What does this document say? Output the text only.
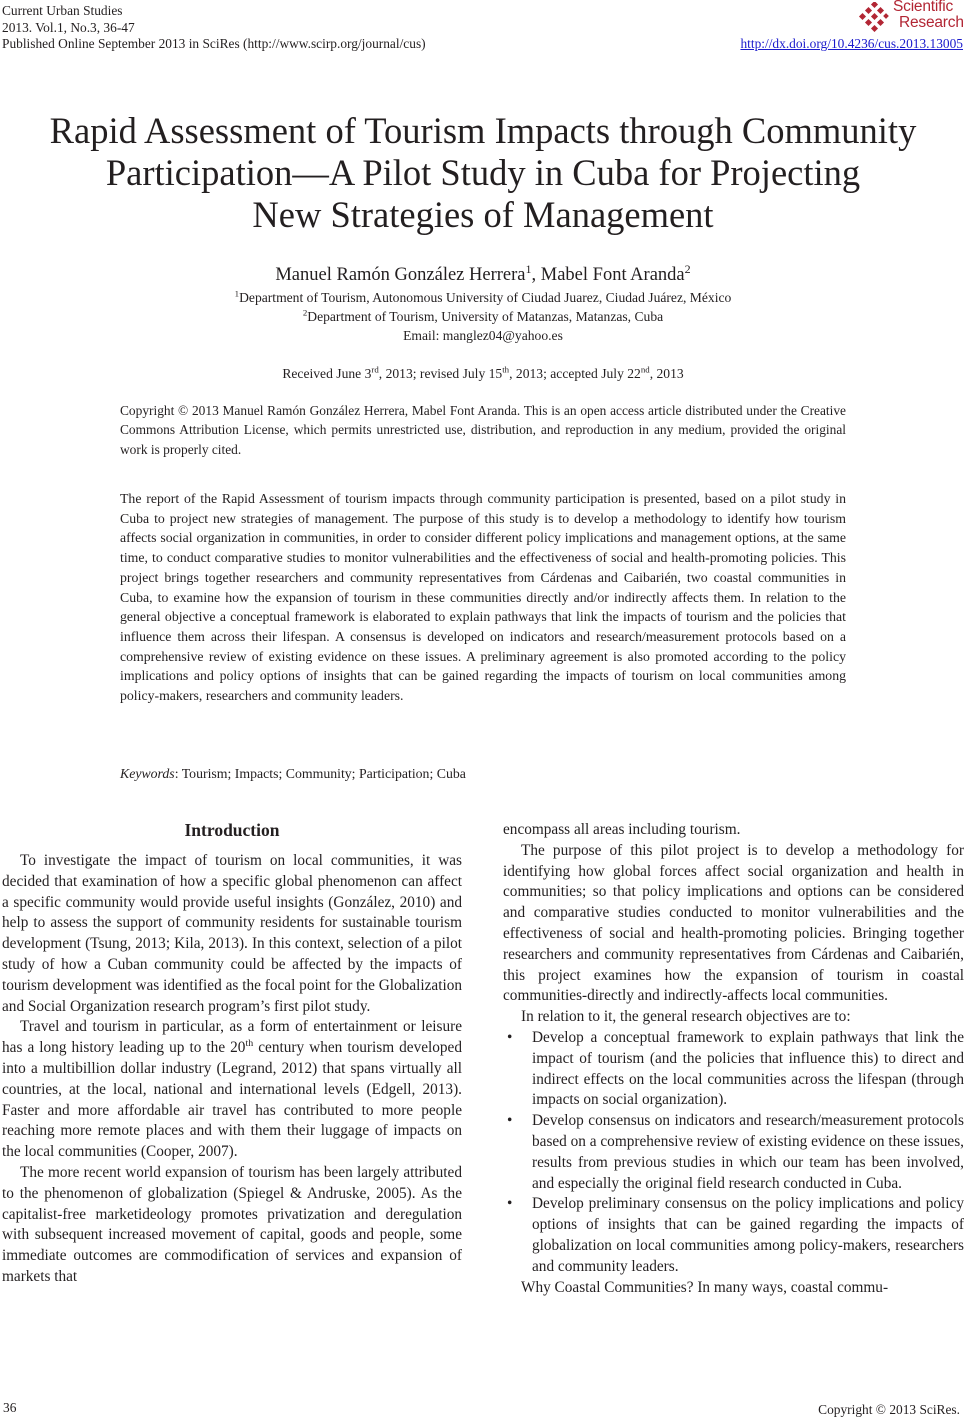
Current Urban Studies
2013. Vol.1, No.3, 36-47
Published Online September 2013 in SciRes (http://www.scirp.org/journal/cus)	http://dx.doi.org/10.4236/cus.2013.13005
Scientific
Research
Rapid Assessment of Tourism Impacts through Community
Participation—A Pilot Study in Cuba for Projecting
New Strategies of Management
Manuel Ramón González Herrera$^1$, Mabel Font Aranda$^2$
$^1$Department of Tourism, Autonomous University of Ciudad Juarez, Ciudad Juárez, México
$^2$Department of Tourism, University of Matanzas, Matanzas, Cuba
Email: manglez04@yahoo.es
Received June 3rd, 2013; revised July 15th, 2013; accepted July 22nd, 2013
Copyright © 2013 Manuel Ramón González Herrera, Mabel Font Aranda. This is an open access article distributed under the Creative Commons Attribution License, which permits unrestricted use, distribution, and reproduction in any medium, provided the original work is properly cited.
The report of the Rapid Assessment of tourism impacts through community participation is presented, based on a pilot study in Cuba to project new strategies of management. The purpose of this study is to develop a methodology to identify how tourism affects social organization in communities, in order to consider different policy implications and management options, at the same time, to conduct comparative studies to monitor vulnerabilities and the effectiveness of social and health-promoting policies. This project brings together researchers and community representatives from Cárdenas and Caibarién, two coastal communities in Cuba, to examine how the expansion of tourism in these communities directly and/or indirectly affects them. In relation to the general objective a conceptual framework is elaborated to explain pathways that link the impacts of tourism and the policies that influence them across their lifespan. A consensus is developed on indicators and research/measurement protocols based on a comprehensive review of existing evidence on these issues. A preliminary agreement is also promoted according to the policy implications and policy options of insights that can be gained regarding the impacts of tourism on local communities among policy-makers, researchers and community leaders.
Keywords: Tourism; Impacts; Community; Participation; Cuba
Introduction

To investigate the impact of tourism on local communities, it was decided that examination of how a specific global phenomenon can affect a specific community would provide useful insights (González, 2010) and help to assess the support of community residents for sustainable tourism development (Tsung, 2013; Kila, 2013). In this context, selection of a pilot study of how a Cuban community could be affected by the impacts of tourism development was identified as the focal point for the Globalization and Social Organization research program’s first pilot study.

Travel and tourism in particular, as a form of entertainment or leisure has a long history leading up to the 20th century when tourism developed into a multibillion dollar industry (Legrand, 2012) that spans virtually all countries, at the local, national and international levels (Edgell, 2013). Faster and more affordable air travel has contributed to more people reaching more remote places and with them their luggage of impacts on the local communities (Cooper, 2007).

The more recent world expansion of tourism has been largely attributed to the phenomenon of globalization (Spiegel & Andruske, 2005). As the capitalist-free marketideology promotes privatization and deregulation with subsequent increased movement of capital, goods and people, some immediate outcomes are commodification of services and expansion of markets that

encompass all areas including tourism.

The purpose of this pilot project is to develop a methodology for identifying how global forces affect social organization and health in communities; so that policy implications and options can be considered and comparative studies conducted to monitor vulnerabilities and the effectiveness of social and health-promoting policies. Bringing together researchers and community representatives from Cárdenas and Caibarién, this project examines how the expansion of tourism in coastal communities-directly and indirectly-affects local communities.

In relation to it, the general research objectives are to:

• Develop a conceptual framework to explain pathways that link the impact of tourism (and the policies that influence this) to direct and indirect effects on the local communities across the lifespan (through impacts on social organization).
• Develop consensus on indicators and research/measurement protocols based on a comprehensive review of existing evidence on these issues, results from previous studies in which our team has been involved, and especially the original field research conducted in Cuba.
• Develop preliminary consensus on the policy implications and policy options of insights that can be gained regarding the impacts of globalization on local communities among policy-makers, researchers and community leaders.

Why Coastal Communities? In many ways, coastal commu-

36	Copyright © 2013 SciRes.
